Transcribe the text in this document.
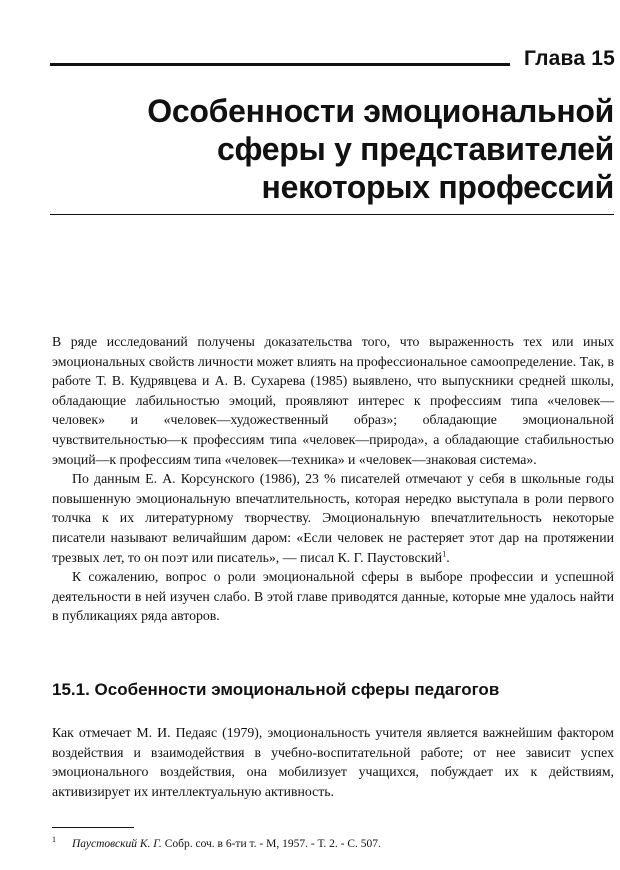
Глава 15
Особенности эмоциональной
сферы у представителей
некоторых профессий

В ряде исследований получены доказательства того, что выраженность тех или иных эмоциональных свойств личности может влиять на профессиональное самоопределение. Так, в работе Т. В. Кудрявцева и А. В. Сухарева (1985) выявлено, что выпускники средней школы, обладающие лабильностью эмоций, проявляют интерес к профессиям типа «человек—человек» и «человек—художественный образ»; обладающие эмоциональной чувствительностью—к профессиям типа «человек—природа», а обладающие стабильностью эмоций—к профессиям типа «человек—техника» и «человек—знаковая система».

По данным Е. А. Корсунского (1986), 23 % писателей отмечают у себя в школьные годы повышенную эмоциональную впечатлительность, которая нередко выступала в роли первого толчка к их литературному творчеству. Эмоциональную впечатлительность некоторые писатели называют величайшим даром: «Если человек не растеряет этот дар на протяжении трезвых лет, то он поэт или писатель», — писал К. Г. Паустовский$^1$.

К сожалению, вопрос о роли эмоциональной сферы в выборе профессии и успешной деятельности в ней изучен слабо. В этой главе приводятся данные, которые мне удалось найти в публикациях ряда авторов.

15.1. Особенности эмоциональной сферы педагогов

Как отмечает М. И. Педаяс (1979), эмоциональность учителя является важнейшим фактором воздействия и взаимодействия в учебно-воспитательной работе; от нее зависит успех эмоционального воздействия, она мобилизует учащихся, побуждает их к действиям, активизирует их интеллектуальную активность.

$^1$ Паустовский К. Г. Собр. соч. в 6-ти т. - М, 1957. - Т. 2. - С. 507.
